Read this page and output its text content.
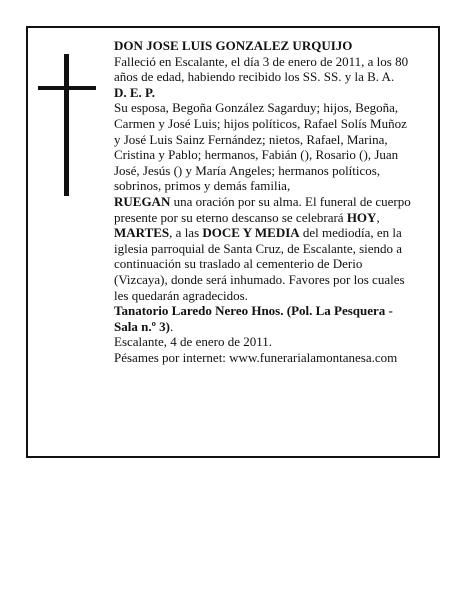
DON JOSE LUIS GONZALEZ URQUIJO

Falleció en Escalante, el día 3 de enero de 2011, a los 80 años de edad, habiendo recibido los SS. SS. y la B. A.

D. E. P.

Su esposa, Begoña González Sagarduy; hijos, Begoña, Carmen y José Luis; hijos políticos, Rafael Solís Muñoz y José Luis Sainz Fernández; nietos, Rafael, Marina, Cristina y Pablo; hermanos, Fabián (), Rosario (), Juan José, Jesús () y María Angeles; hermanos políticos, sobrinos, primos y demás familia,

RUEGAN una oración por su alma. El funeral de cuerpo presente por su eterno descanso se celebrará HOY, MARTES, a las DOCE Y MEDIA del mediodía, en la iglesia parroquial de Santa Cruz, de Escalante, siendo a continuación su traslado al cementerio de Derio (Vizcaya), donde será inhumado. Favores por los cuales les quedarán agradecidos.

Tanatorio Laredo Nereo Hnos. (Pol. La Pesquera - Sala n.º 3).

Escalante, 4 de enero de 2011.

Pésames por internet: www.funerarialamontanesa.com
